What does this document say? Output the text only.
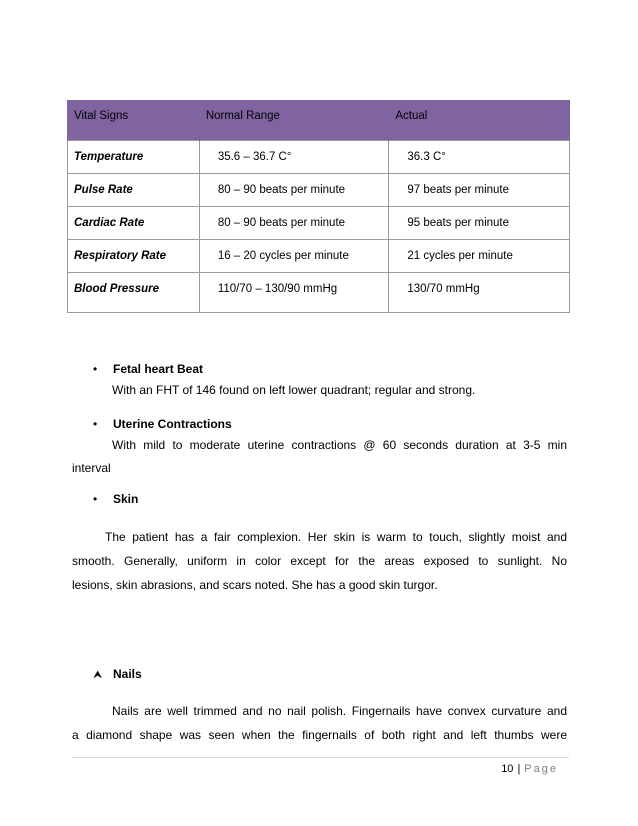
Vital Signs	Normal Range	Actual
Temperature	35.6 – 36.7 C°	36.3 C°
Pulse Rate	80 – 90 beats per minute	97 beats per minute
Cardiac Rate	80 – 90 beats per minute	95 beats per minute
Respiratory Rate	16 – 20 cycles per minute	21 cycles per minute
Blood Pressure	110/70 – 130/90 mmHg	130/70 mmHg
• Fetal heart Beat
With an FHT of 146 found on left lower quadrant; regular and strong.
• Uterine Contractions
With mild to moderate uterine contractions @ 60 seconds duration at 3-5 min
interval
• Skin
The patient has a fair complexion. Her skin is warm to touch, slightly moist and
smooth. Generally, uniform in color except for the areas exposed to sunlight. No
lesions, skin abrasions, and scars noted. She has a good skin turgor.
⮝ Nails
Nails are well trimmed and no nail polish. Fingernails have convex curvature and
a diamond shape was seen when the fingernails of both right and left thumbs were
10 | Page
